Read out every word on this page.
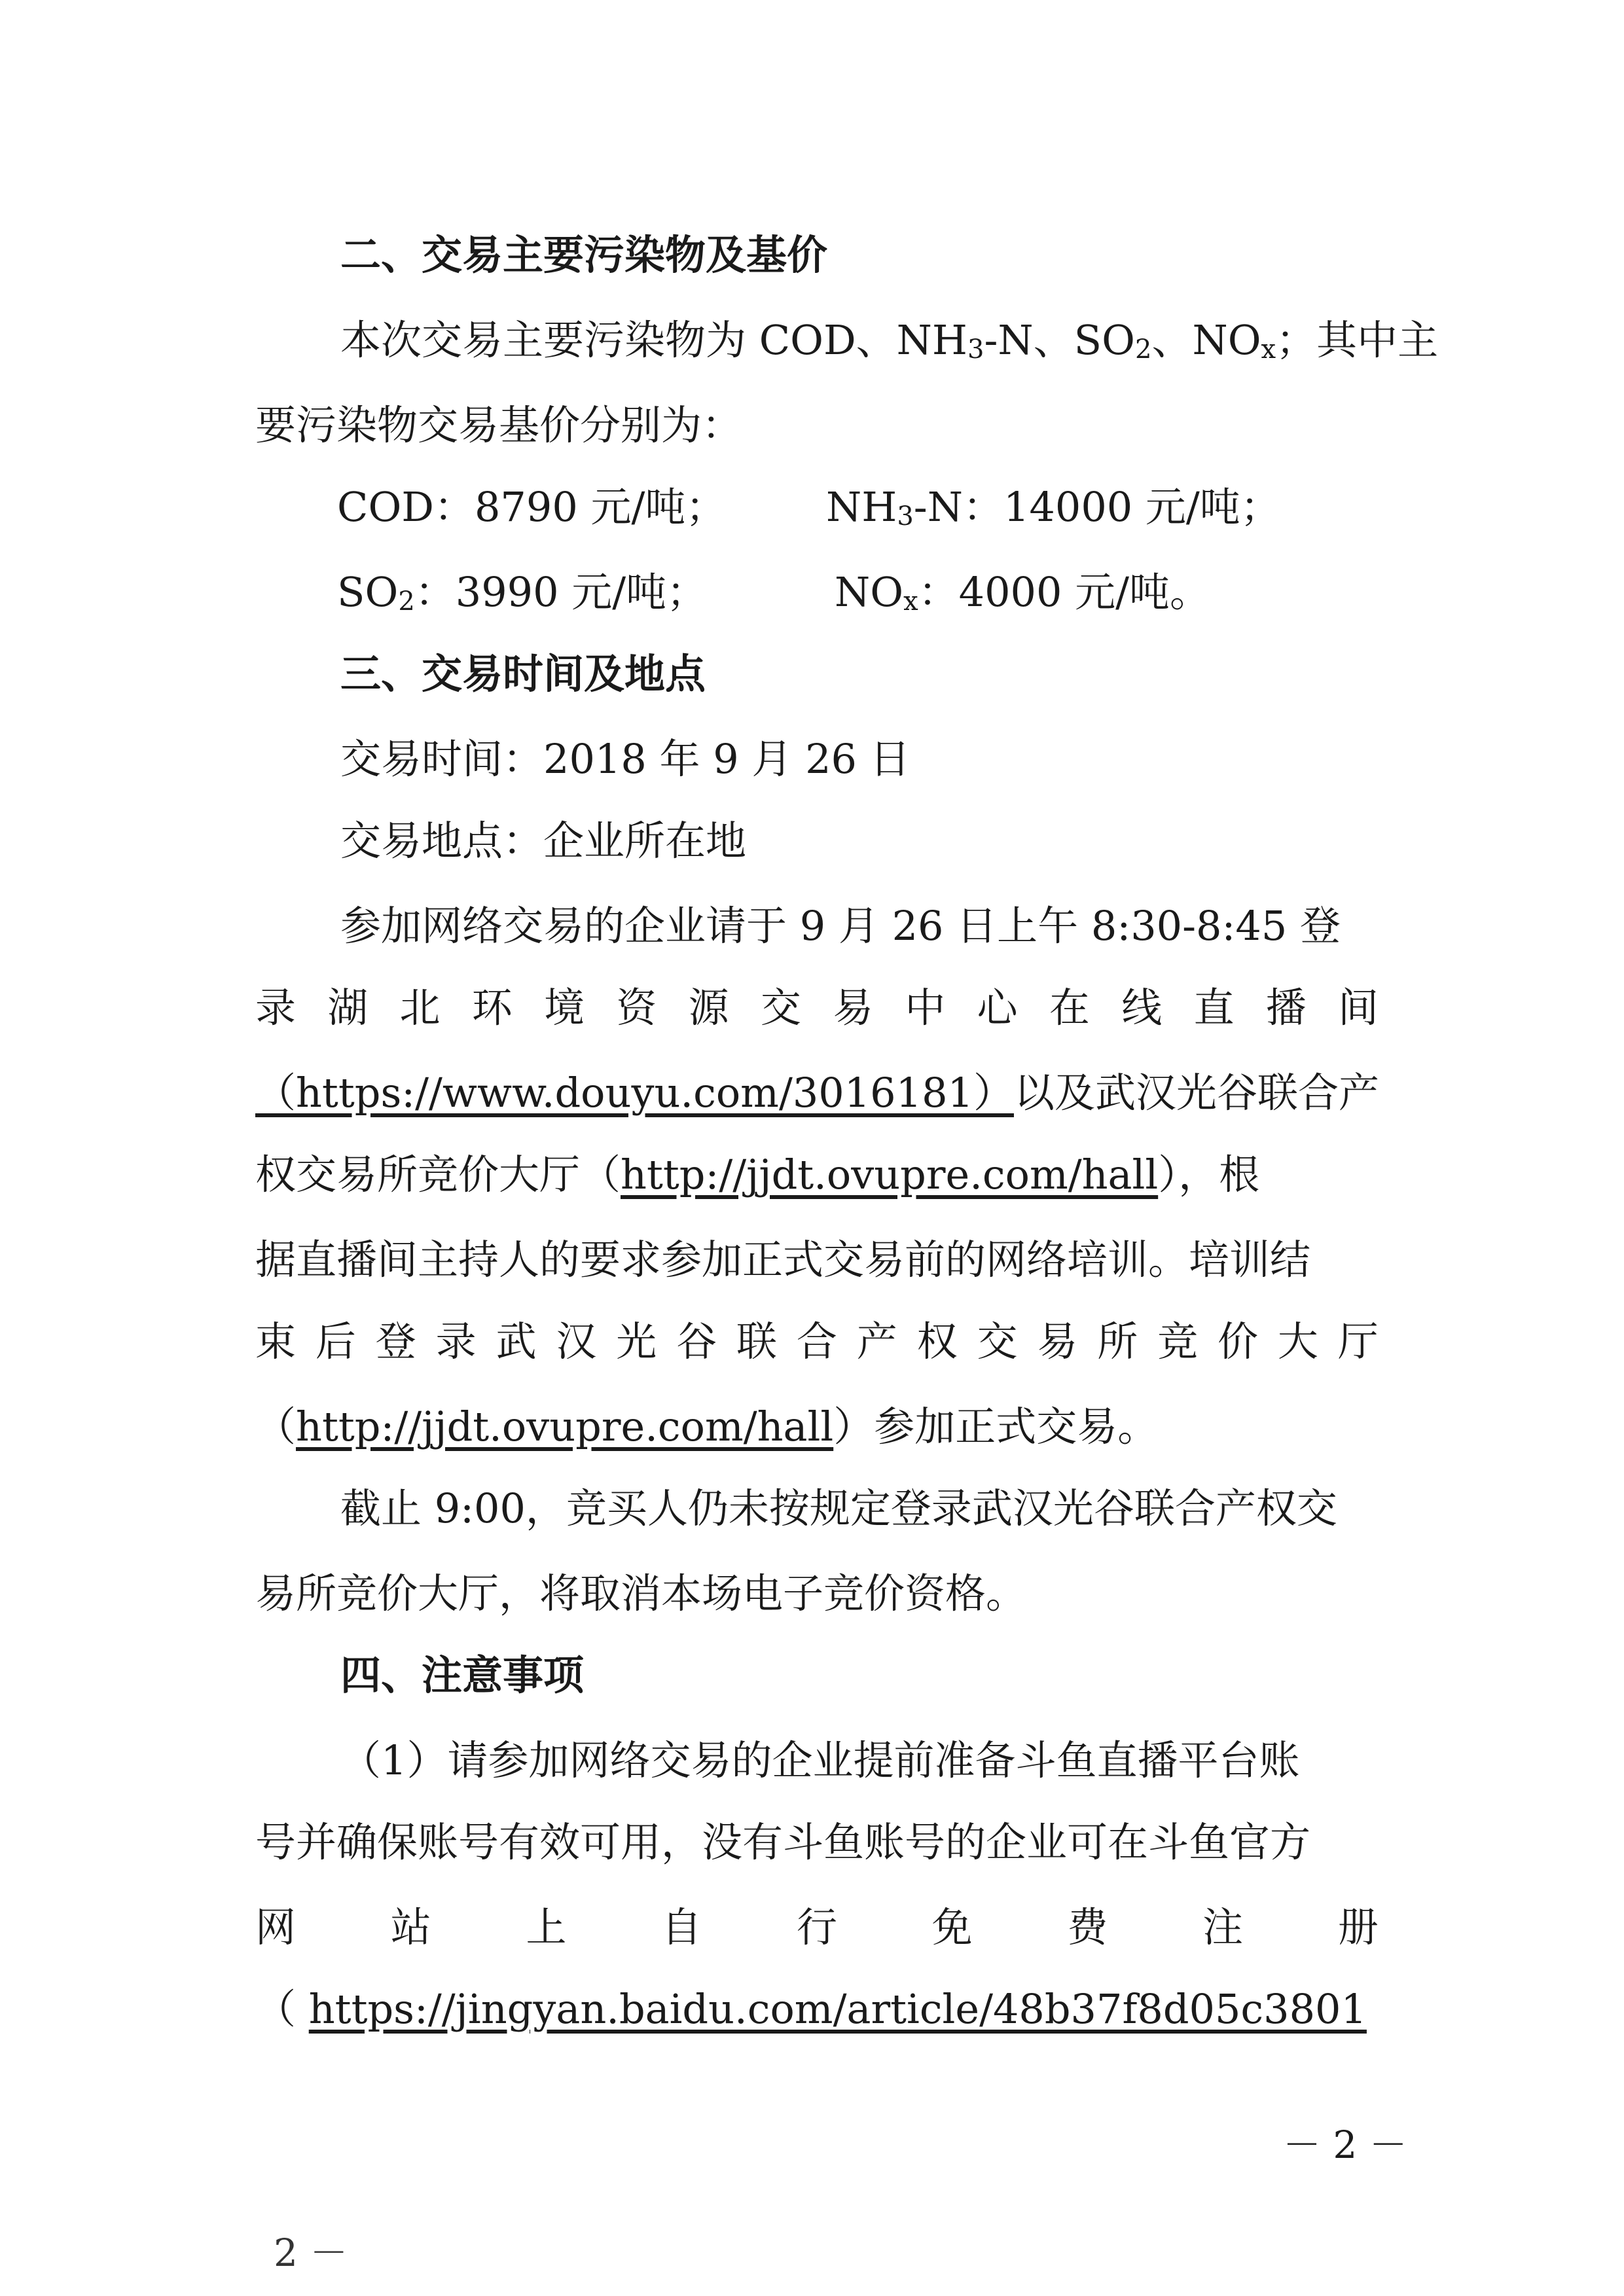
二、交易主要污染物及基价
本次交易主要污染物为 COD、$NH_3-N$、$SO_2$、$NO_x$；其中主
要污染物交易基价分别为：
COD：8790 元/吨； $NH_3-N$：14000 元/吨；
$SO_2$：3990 元/吨；	$NO_x$：4000 元/吨。
三、交易时间及地点
交易时间：2018 年 9 月 26 日
交易地点：企业所在地
参加网络交易的企业请于 9 月 26 日上午 8:30-8:45 登
录 湖 北 环 境 资 源 交 易 中 心 在 线 直 播 间
（https://www.douyu.com/3016181）以及武汉光谷联合产
权交易所竞价大厅（http://jjdt.ovupre.com/hall），根
据直播间主持人的要求参加正式交易前的网络培训。培训结
束 后 登 录 武 汉 光 谷 联 合 产 权 交 易 所 竞 价 大 厅
（http://jjdt.ovupre.com/hall）参加正式交易。
截止 9:00，竞买人仍未按规定登录武汉光谷联合产权交
易所竞价大厅，将取消本场电子竞价资格。
四、注意事项
（1）请参加网络交易的企业提前准备斗鱼直播平台账
号并确保账号有效可用，没有斗鱼账号的企业可在斗鱼官方
网 站 上 自 行 免 费 注 册
（ https://jingyan.baidu.com/article/48b37f8d05c3801
－ 2 －
2 －
